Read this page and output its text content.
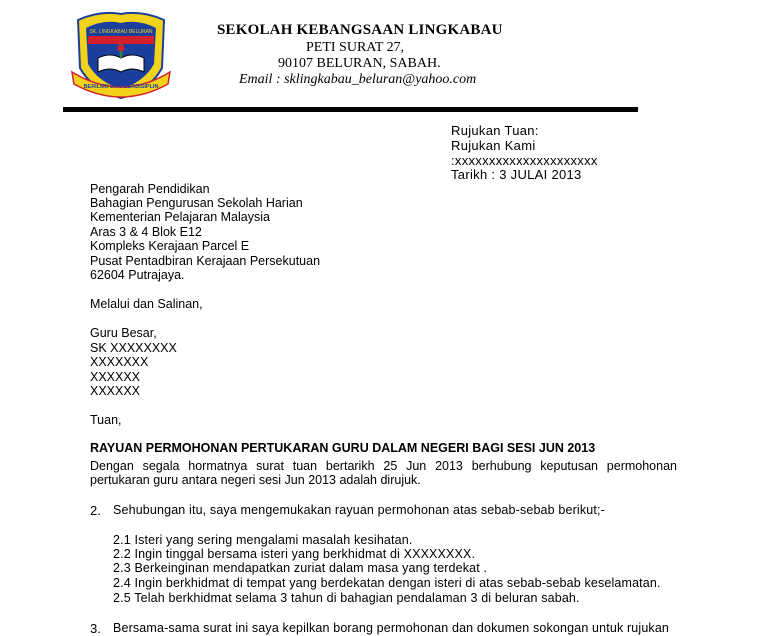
SK. LINGKABAU BELURAN
BERILMU DAN BERDISIPLIN
SEKOLAH KEBANGSAAN LINGKABAU
PETI SURAT 27,
90107 BELURAN, SABAH.
Email : sklingkabau_beluran@yahoo.com
Rujukan Tuan:
Rujukan Kami
:xxxxxxxxxxxxxxxxxxxxx
Tarikh : 3 JULAI 2013
Pengarah Pendidikan
Bahagian Pengurusan Sekolah Harian
Kementerian Pelajaran Malaysia
Aras 3 & 4 Blok E12
Kompleks Kerajaan Parcel E
Pusat Pentadbiran Kerajaan Persekutuan
62604 Putrajaya.
Melalui dan Salinan,
Guru Besar,
SK XXXXXXXX
XXXXXXX
XXXXXX
XXXXXX
Tuan,
RAYUAN PERMOHONAN PERTUKARAN GURU DALAM NEGERI BAGI SESI JUN 2013
Dengan segala hormatnya surat tuan bertarikh 25 Jun 2013 berhubung keputusan permohonan pertukaran guru antara negeri sesi Jun 2013 adalah dirujuk.
2. Sehubungan itu, saya mengemukakan rayuan permohonan atas sebab-sebab berikut;-
2.1 Isteri yang sering mengalami masalah kesihatan.
2.2 Ingin tinggal bersama isteri yang berkhidmat di XXXXXXXX.
2.3 Berkeinginan mendapatkan zuriat dalam masa yang terdekat .
2.4 Ingin berkhidmat di tempat yang berdekatan dengan isteri di atas sebab-sebab keselamatan.
2.5 Telah berkhidmat selama 3 tahun di bahagian pendalaman 3 di beluran sabah.
3. Bersama-sama surat ini saya kepilkan borang permohonan dan dokumen sokongan untuk rujukan
